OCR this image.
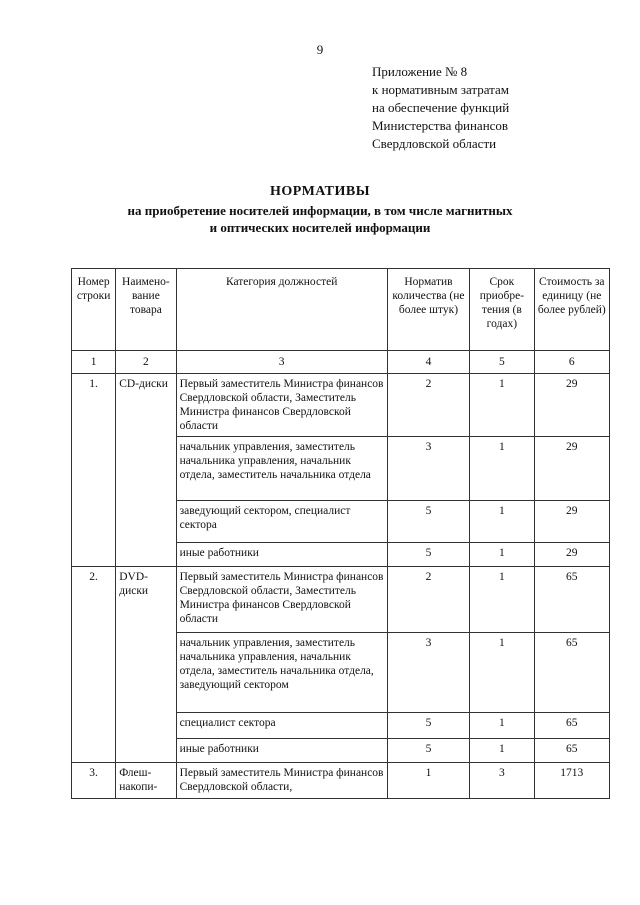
9
Приложение № 8
к нормативным затратам
на обеспечение функций
Министерства финансов
Свердловской области
НОРМАТИВЫ
на приобретение носителей информации, в том числе магнитных
и оптических носителей информации
Номер строки	Наимено-вание товара	Категория должностей	Норматив количества (не более штук)	Срок приобре-тения (в годах)	Стоимость за единицу (не более рублей)
1	2	3	4	5	6
1.	CD-диски	Первый заместитель Министра финансов Свердловской области, Заместитель Министра финансов Свердловской области	2	1	29
		начальник управления, заместитель начальника управления, начальник отдела, заместитель начальника отдела	3	1	29
		заведующий сектором, специалист сектора	5	1	29
		иные работники	5	1	29
2.	DVD-диски	Первый заместитель Министра финансов Свердловской области, Заместитель Министра финансов Свердловской области	2	1	65
		начальник управления, заместитель начальника управления, начальник отдела, заместитель начальника отдела, заведующий сектором	3	1	65
		специалист сектора	5	1	65
		иные работники	5	1	65
3.	Флеш-накопи-	Первый заместитель Министра финансов Свердловской области,	1	3	1713
